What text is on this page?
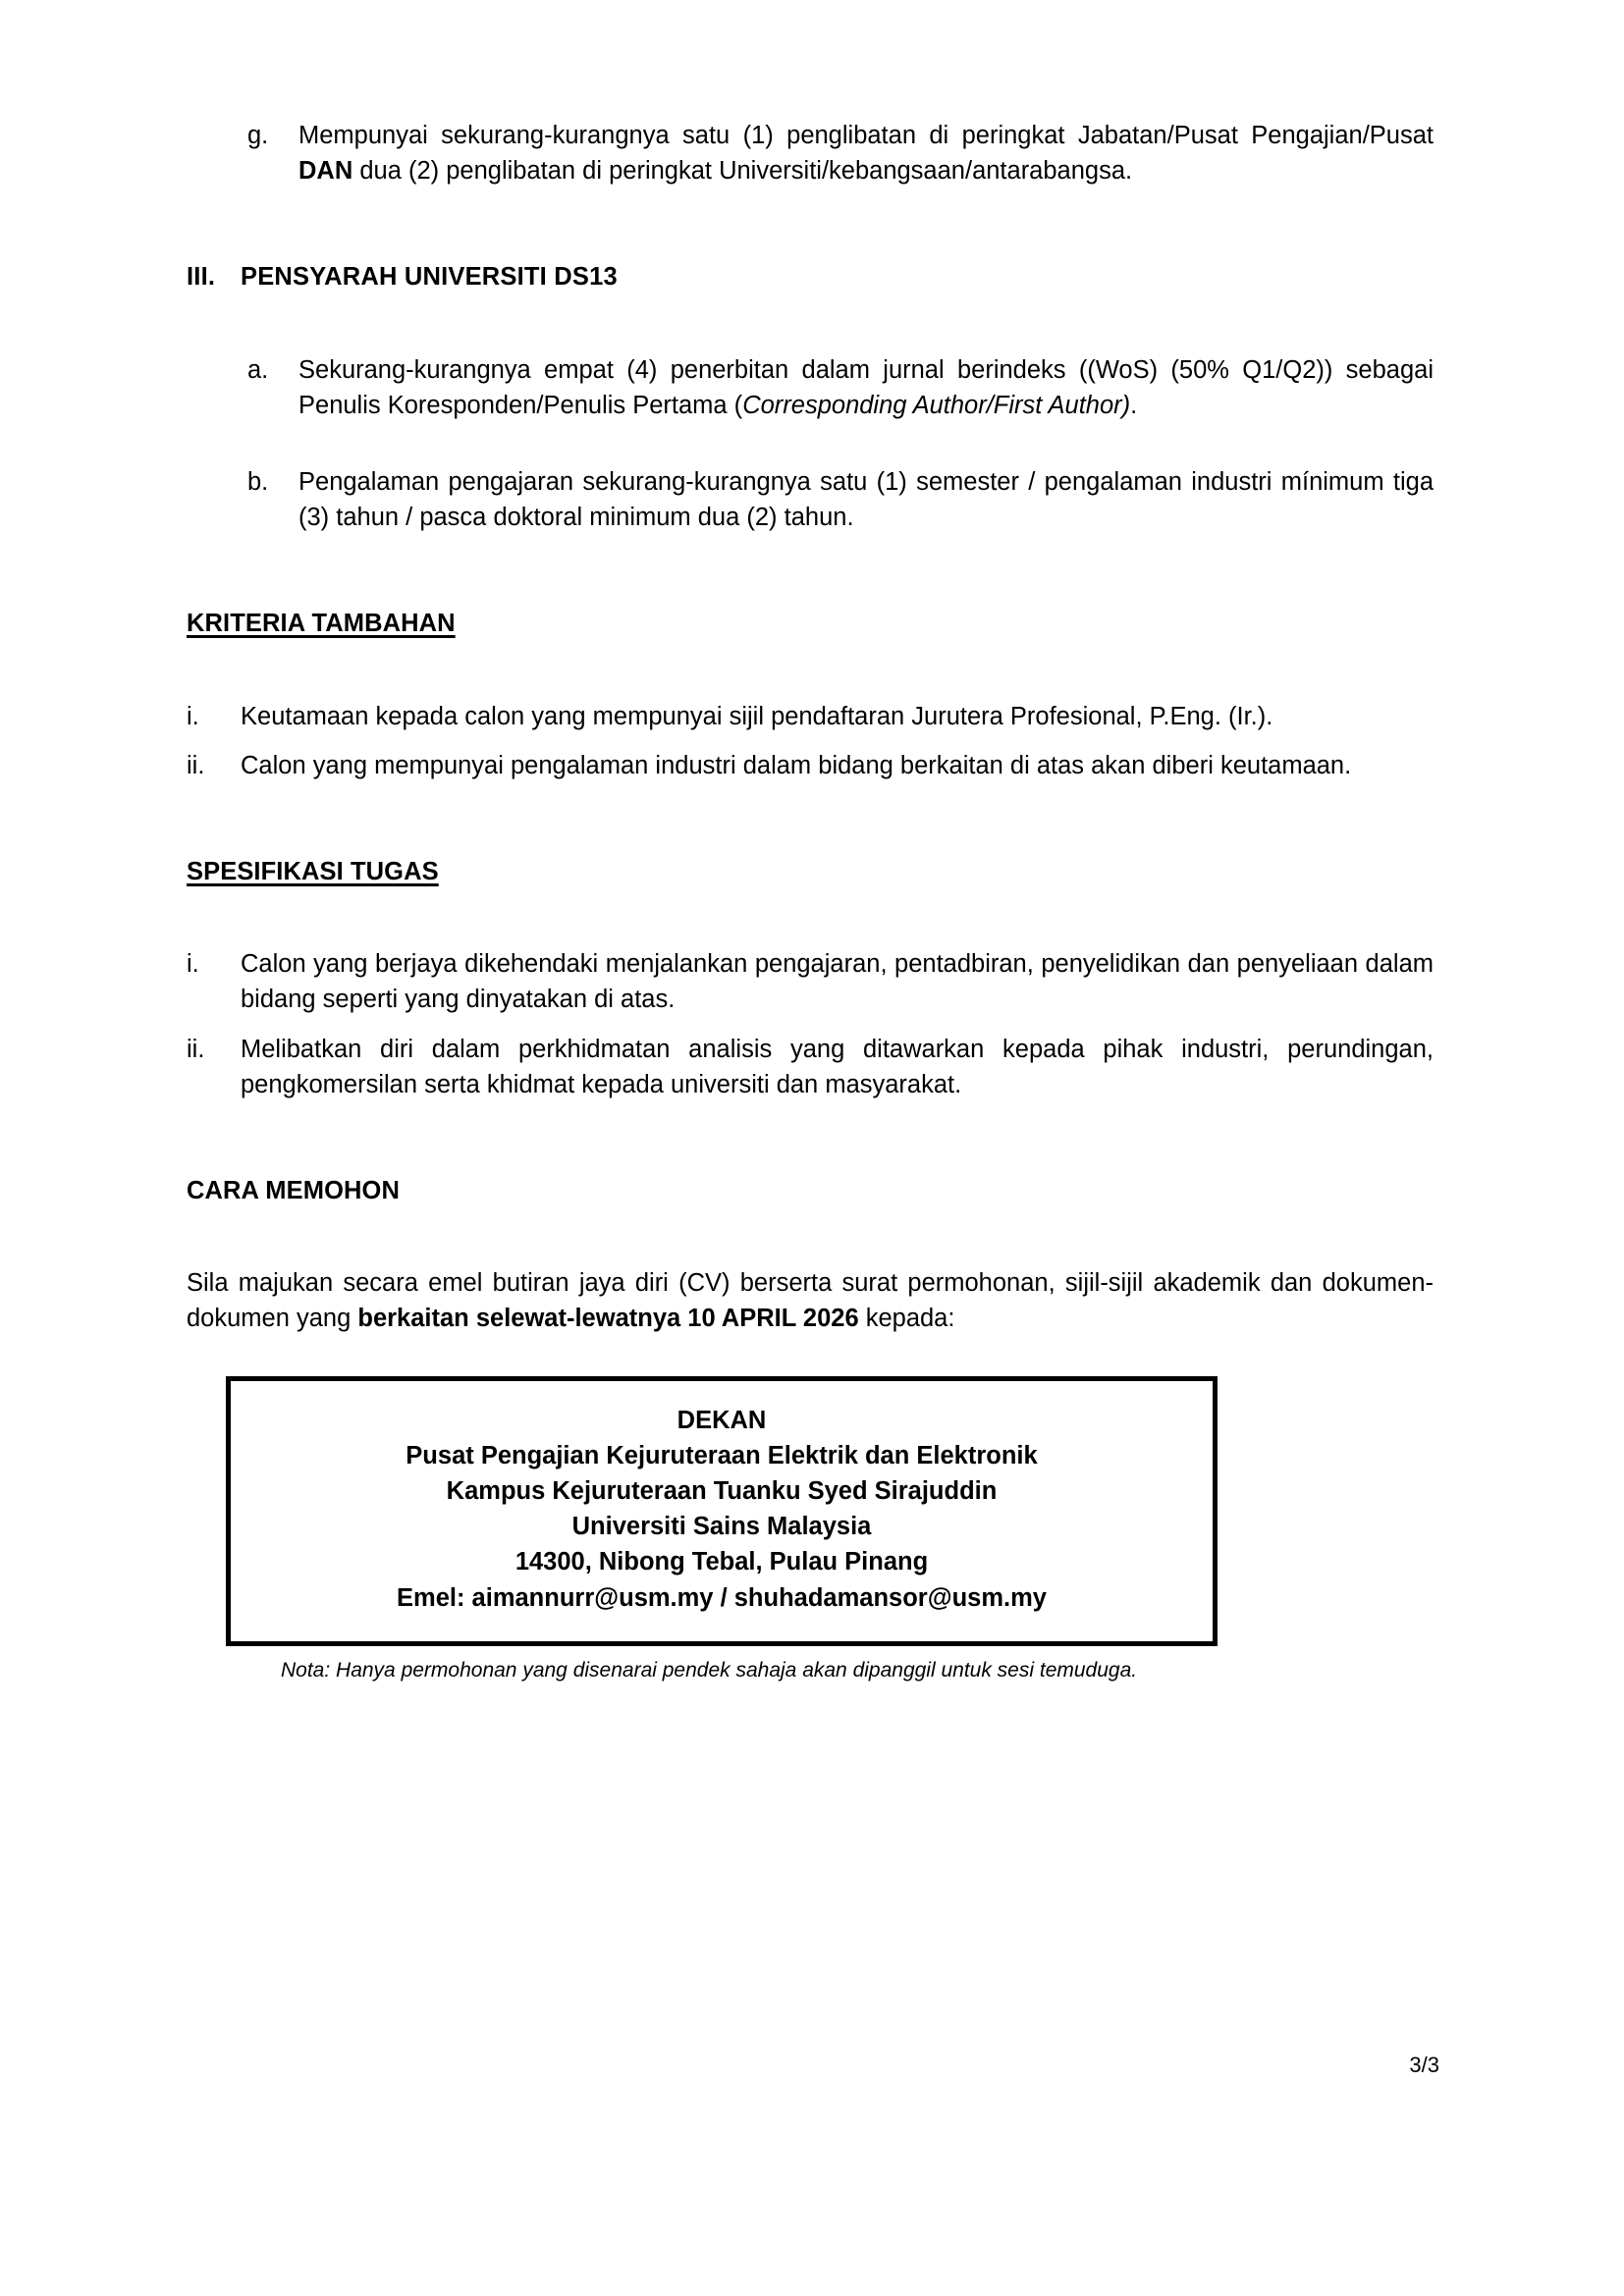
g.	Mempunyai sekurang-kurangnya satu (1) penglibatan di peringkat Jabatan/Pusat Pengajian/Pusat DAN dua (2) penglibatan di peringkat Universiti/kebangsaan/antarabangsa.
III.	PENSYARAH UNIVERSITI DS13
a.	Sekurang-kurangnya empat (4) penerbitan dalam jurnal berindeks ((WoS) (50% Q1/Q2)) sebagai Penulis Koresponden/Penulis Pertama (Corresponding Author/First Author).
b.	Pengalaman pengajaran sekurang-kurangnya satu (1) semester / pengalaman industri mínimum tiga (3) tahun / pasca doktoral minimum dua (2) tahun.
KRITERIA TAMBAHAN
i.	Keutamaan kepada calon yang mempunyai sijil pendaftaran Jurutera Profesional, P.Eng. (Ir.).
ii.	Calon yang mempunyai pengalaman industri dalam bidang berkaitan di atas akan diberi keutamaan.
SPESIFIKASI TUGAS
i.	Calon yang berjaya dikehendaki menjalankan pengajaran, pentadbiran, penyelidikan dan penyeliaan dalam bidang seperti yang dinyatakan di atas.
ii.	Melibatkan diri dalam perkhidmatan analisis yang ditawarkan kepada pihak industri, perundingan, pengkomersilan serta khidmat kepada universiti dan masyarakat.
CARA MEMOHON

Sila majukan secara emel butiran jaya diri (CV) berserta surat permohonan, sijil-sijil akademik dan dokumen-dokumen yang berkaitan selewat-lewatnya 10 APRIL 2026 kepada:

DEKAN
Pusat Pengajian Kejuruteraan Elektrik dan Elektronik
Kampus Kejuruteraan Tuanku Syed Sirajuddin
Universiti Sains Malaysia
14300, Nibong Tebal, Pulau Pinang
Emel: aimannurr@usm.my / shuhadamansor@usm.my
Nota: Hanya permohonan yang disenarai pendek sahaja akan dipanggil untuk sesi temuduga.
3/3
